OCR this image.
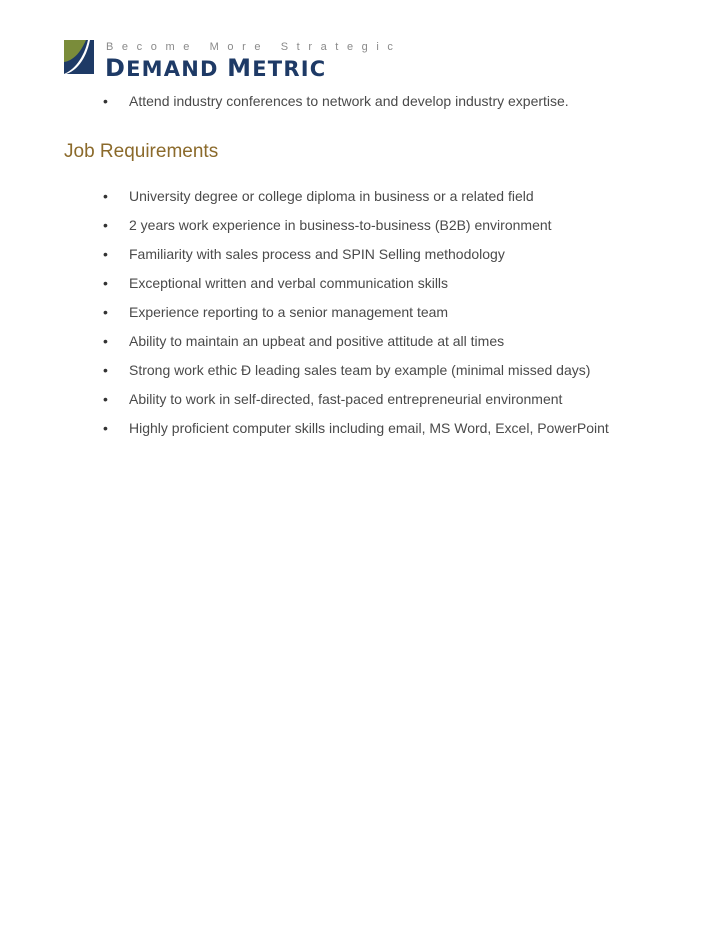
Become More Strategic
DEMAND METRIC
• Attend industry conferences to network and develop industry expertise.
Job Requirements
• University degree or college diploma in business or a related field
• 2 years work experience in business-to-business (B2B) environment
• Familiarity with sales process and SPIN Selling methodology
• Exceptional written and verbal communication skills
• Experience reporting to a senior management team
• Ability to maintain an upbeat and positive attitude at all times
• Strong work ethic Ð leading sales team by example (minimal missed days)
• Ability to work in self-directed, fast-paced entrepreneurial environment
• Highly proficient computer skills including email, MS Word, Excel, PowerPoint
